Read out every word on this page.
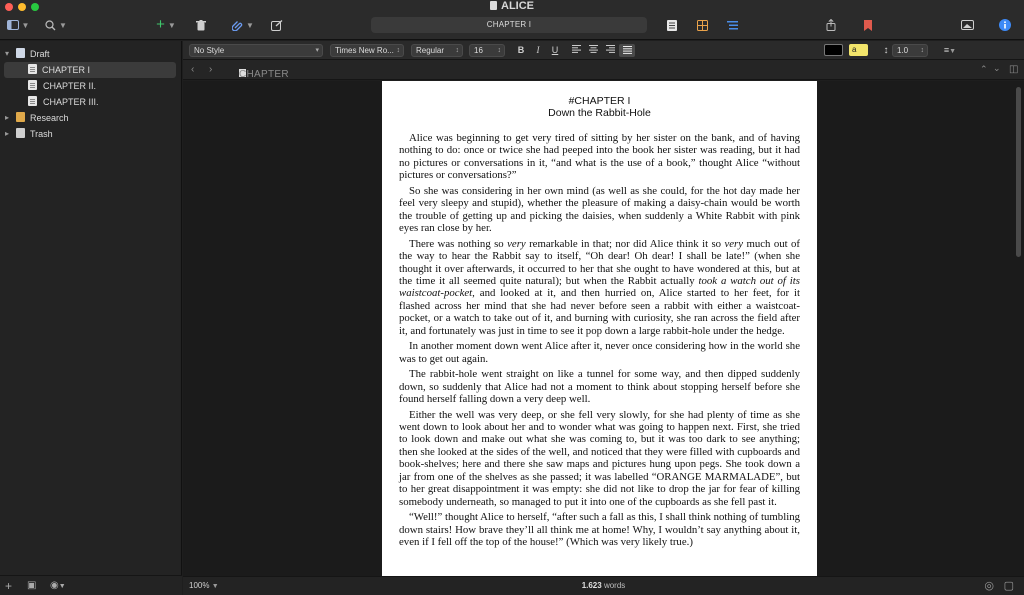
ALICE
▼	▼	+ ▼	▼	CHAPTER I
▾	Draft
CHAPTER I
CHAPTER II.
CHAPTER III.
▸	Research
▸	Trash
+ ▣ ◉ ▼
No Style	▾	Times New Ro... ↕	Regular ↕	16 ↕	B	I	U	a	↕	1.0 ↕	≡▼
‹ ›	CHAPTER	⌃ ⌄ ◫
#CHAPTER I
Down the Rabbit-Hole

Alice was beginning to get very tired of sitting by her sister on the bank, and of having nothing to do: once or twice she had peeped into the book her sister was reading, but it had no pictures or conversations in it, “and what is the use of a book,” thought Alice “without pictures or conversations?”

So she was considering in her own mind (as well as she could, for the hot day made her feel very sleepy and stupid), whether the pleasure of making a daisy-chain would be worth the trouble of getting up and picking the daisies, when suddenly a White Rabbit with pink eyes ran close by her.

There was nothing so very remarkable in that; nor did Alice think it so very much out of the way to hear the Rabbit say to itself, “Oh dear! Oh dear! I shall be late!” (when she thought it over afterwards, it occurred to her that she ought to have wondered at this, but at the time it all seemed quite natural); but when the Rabbit actually took a watch out of its waistcoat-pocket, and looked at it, and then hurried on, Alice started to her feet, for it flashed across her mind that she had never before seen a rabbit with either a waistcoat-pocket, or a watch to take out of it, and burning with curiosity, she ran across the field after it, and fortunately was just in time to see it pop down a large rabbit-hole under the hedge.

In another moment down went Alice after it, never once considering how in the world she was to get out again.

The rabbit-hole went straight on like a tunnel for some way, and then dipped suddenly down, so suddenly that Alice had not a moment to think about stopping herself before she found herself falling down a very deep well.

Either the well was very deep, or she fell very slowly, for she had plenty of time as she went down to look about her and to wonder what was going to happen next. First, she tried to look down and make out what she was coming to, but it was too dark to see anything; then she looked at the sides of the well, and noticed that they were filled with cupboards and book-shelves; here and there she saw maps and pictures hung upon pegs. She took down a jar from one of the shelves as she passed; it was labelled “ORANGE MARMALADE”, but to her great disappointment it was empty: she did not like to drop the jar for fear of killing somebody underneath, so managed to put it into one of the cupboards as she fell past it.

“Well!” thought Alice to herself, “after such a fall as this, I shall think nothing of tumbling down stairs! How brave they’ll all think me at home! Why, I wouldn’t say anything about it, even if I fell off the top of the house!” (Which was very likely true.)

100% ▼	1.623 words	◎ ▢
